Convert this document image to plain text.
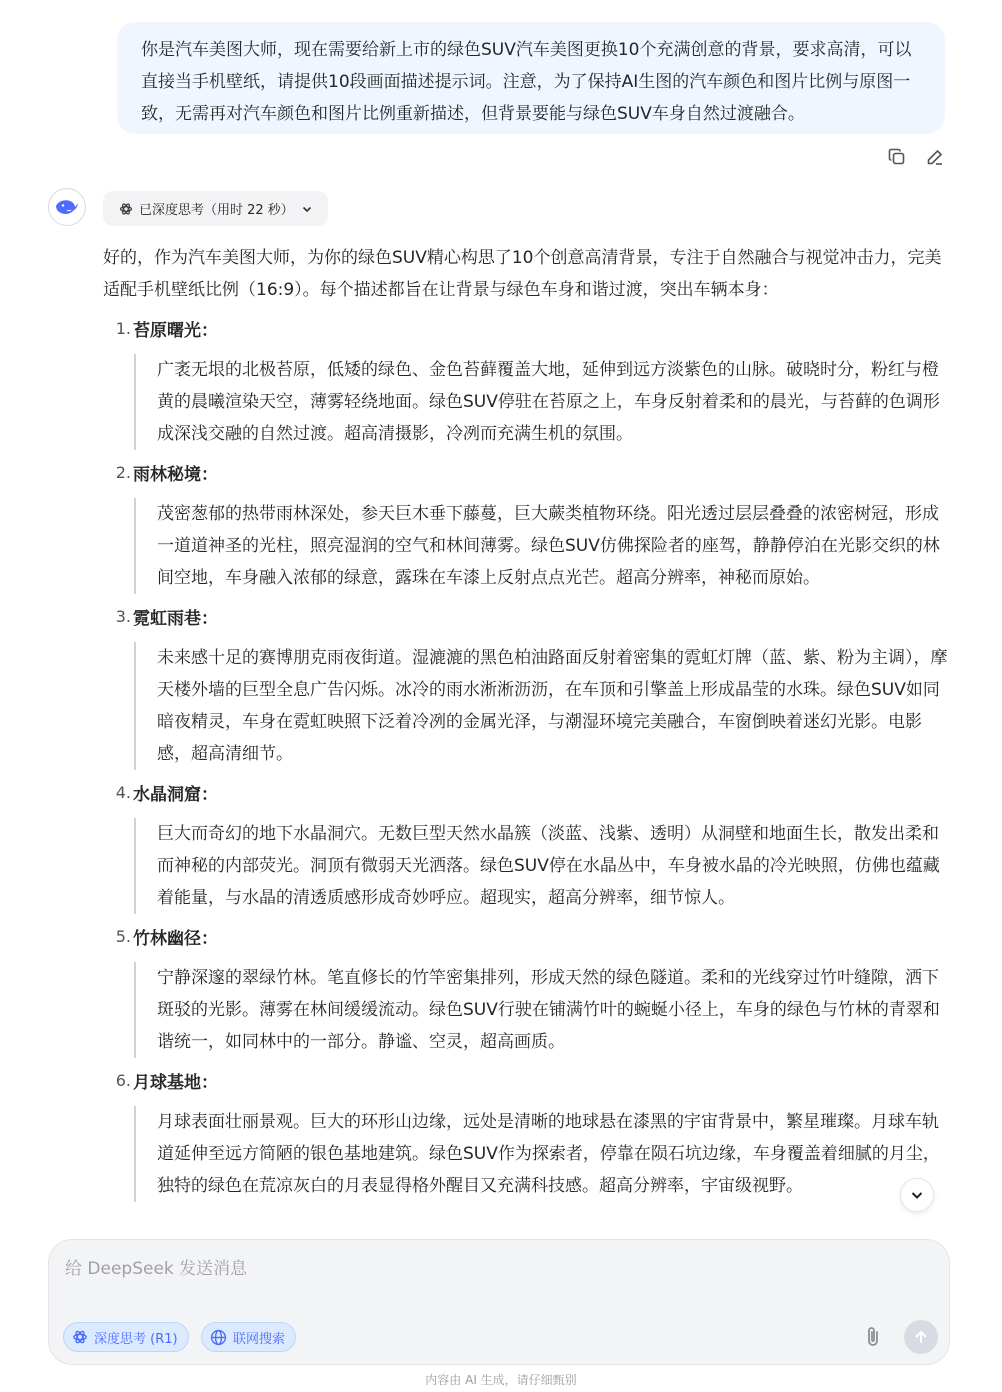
你是汽车美图大师，现在需要给新上市的绿色SUV汽车美图更换10个充满创意的背景，要求高清，可以直接当手机壁纸，请提供10段画面描述提示词。注意，为了保持AI生图的汽车颜色和图片比例与原图一致，无需再对汽车颜色和图片比例重新描述，但背景要能与绿色SUV车身自然过渡融合。

已深度思考（用时 22 秒）

好的，作为汽车美图大师，为你的绿色SUV精心构思了10个创意高清背景，专注于自然融合与视觉冲击力，完美适配手机壁纸比例（16:9）。每个描述都旨在让背景与绿色车身和谐过渡，突出车辆本身：

1. 苔原曙光：
广袤无垠的北极苔原，低矮的绿色、金色苔藓覆盖大地，延伸到远方淡紫色的山脉。破晓时分，粉红与橙黄的晨曦渲染天空，薄雾轻绕地面。绿色SUV停驻在苔原之上，车身反射着柔和的晨光，与苔藓的色调形成深浅交融的自然过渡。超高清摄影，冷冽而充满生机的氛围。
2. 雨林秘境：
茂密葱郁的热带雨林深处，参天巨木垂下藤蔓，巨大蕨类植物环绕。阳光透过层层叠叠的浓密树冠，形成一道道神圣的光柱，照亮湿润的空气和林间薄雾。绿色SUV仿佛探险者的座驾，静静停泊在光影交织的林间空地，车身融入浓郁的绿意，露珠在车漆上反射点点光芒。超高分辨率，神秘而原始。
3. 霓虹雨巷：
未来感十足的赛博朋克雨夜街道。湿漉漉的黑色柏油路面反射着密集的霓虹灯牌（蓝、紫、粉为主调），摩天楼外墙的巨型全息广告闪烁。冰冷的雨水淅淅沥沥，在车顶和引擎盖上形成晶莹的水珠。绿色SUV如同暗夜精灵，车身在霓虹映照下泛着冷冽的金属光泽，与潮湿环境完美融合，车窗倒映着迷幻光影。电影感，超高清细节。
4. 水晶洞窟：
巨大而奇幻的地下水晶洞穴。无数巨型天然水晶簇（淡蓝、浅紫、透明）从洞壁和地面生长，散发出柔和而神秘的内部荧光。洞顶有微弱天光洒落。绿色SUV停在水晶丛中，车身被水晶的冷光映照，仿佛也蕴藏着能量，与水晶的清透质感形成奇妙呼应。超现实，超高分辨率，细节惊人。
5. 竹林幽径：
宁静深邃的翠绿竹林。笔直修长的竹竿密集排列，形成天然的绿色隧道。柔和的光线穿过竹叶缝隙，洒下斑驳的光影。薄雾在林间缓缓流动。绿色SUV行驶在铺满竹叶的蜿蜒小径上，车身的绿色与竹林的青翠和谐统一，如同林中的一部分。静谧、空灵，超高画质。
6. 月球基地：
月球表面壮丽景观。巨大的环形山边缘，远处是清晰的地球悬在漆黑的宇宙背景中，繁星璀璨。月球车轨道延伸至远方简陋的银色基地建筑。绿色SUV作为探索者，停靠在陨石坑边缘，车身覆盖着细腻的月尘，独特的绿色在荒凉灰白的月表显得格外醒目又充满科技感。超高分辨率，宇宙级视野。
给 DeepSeek 发送消息
深度思考 (R1)	联网搜索
内容由 AI 生成，请仔细甄别
